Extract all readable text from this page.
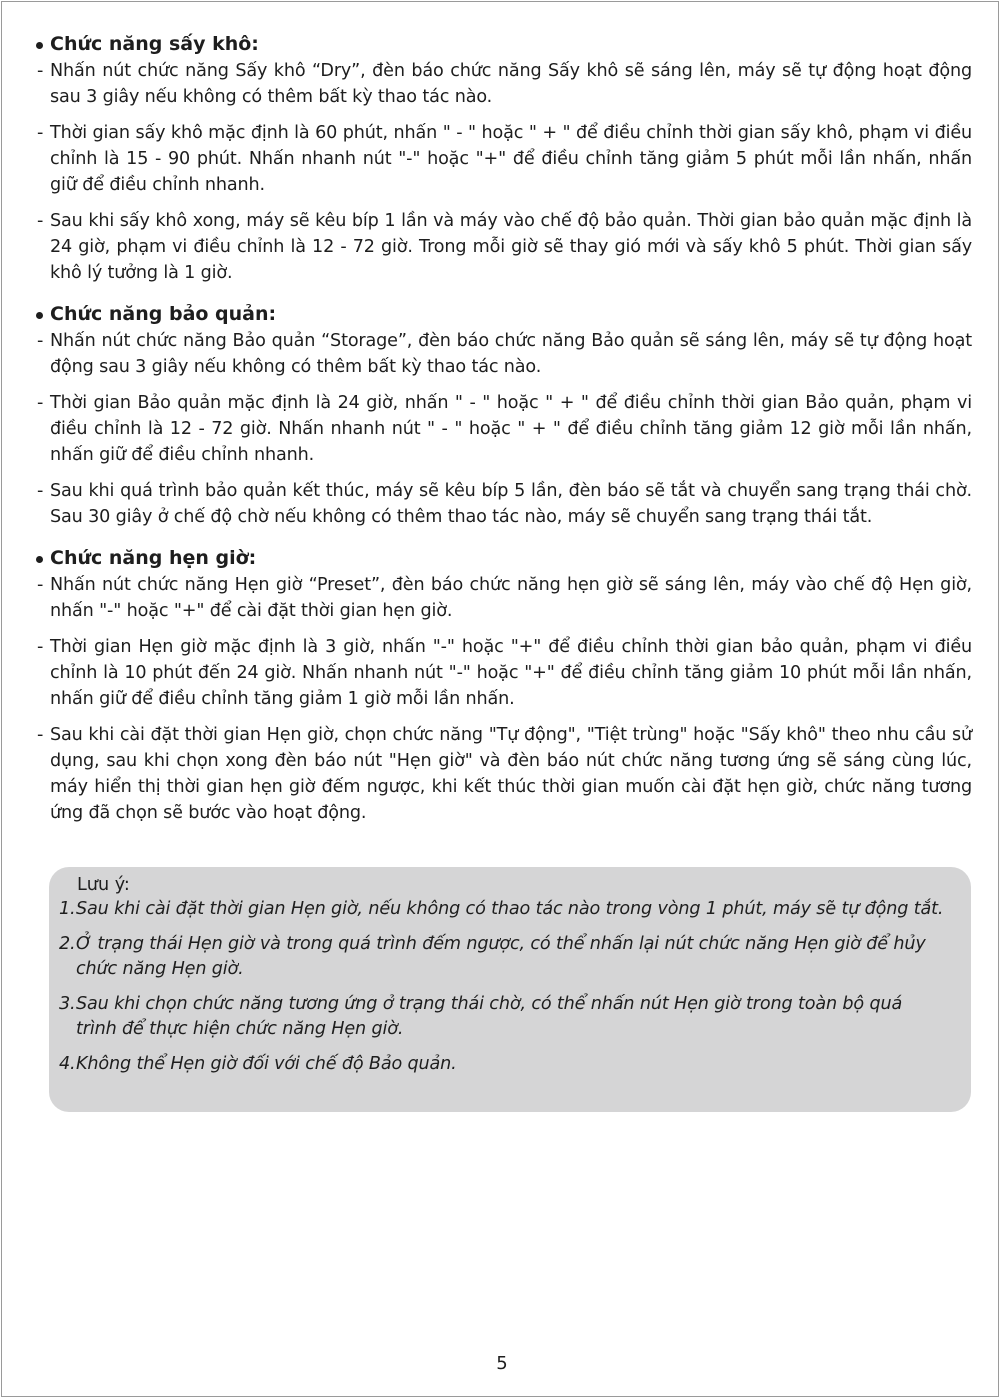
Chức năng sấy khô:
- Nhấn nút chức năng Sấy khô “Dry”, đèn báo chức năng Sấy khô sẽ sáng lên, máy sẽ tự động hoạt động sau 3 giây nếu không có thêm bất kỳ thao tác nào.
- Thời gian sấy khô mặc định là 60 phút, nhấn " - " hoặc " + " để điều chỉnh thời gian sấy khô, phạm vi điều chỉnh là 15 - 90 phút. Nhấn nhanh nút "-" hoặc "+" để điều chỉnh tăng giảm 5 phút mỗi lần nhấn, nhấn giữ để điều chỉnh nhanh.
- Sau khi sấy khô xong, máy sẽ kêu bíp 1 lần và máy vào chế độ bảo quản. Thời gian bảo quản mặc định là 24 giờ, phạm vi điều chỉnh là 12 - 72 giờ. Trong mỗi giờ sẽ thay gió mới và sấy khô 5 phút. Thời gian sấy khô lý tưởng là 1 giờ.
Chức năng bảo quản:
- Nhấn nút chức năng Bảo quản “Storage”, đèn báo chức năng Bảo quản sẽ sáng lên, máy sẽ tự động hoạt động sau 3 giây nếu không có thêm bất kỳ thao tác nào.
- Thời gian Bảo quản mặc định là 24 giờ, nhấn " - " hoặc " + " để điều chỉnh thời gian Bảo quản, phạm vi điều chỉnh là 12 - 72 giờ. Nhấn nhanh nút " - " hoặc " + " để điều chỉnh tăng giảm 12 giờ mỗi lần nhấn, nhấn giữ để điều chỉnh nhanh.
- Sau khi quá trình bảo quản kết thúc, máy sẽ kêu bíp 5 lần, đèn báo sẽ tắt và chuyển sang trạng thái chờ. Sau 30 giây ở chế độ chờ nếu không có thêm thao tác nào, máy sẽ chuyển sang trạng thái tắt.
Chức năng hẹn giờ:
- Nhấn nút chức năng Hẹn giờ “Preset”, đèn báo chức năng hẹn giờ sẽ sáng lên, máy vào chế độ Hẹn giờ, nhấn "-" hoặc "+" để cài đặt thời gian hẹn giờ.
- Thời gian Hẹn giờ mặc định là 3 giờ, nhấn "-" hoặc "+" để điều chỉnh thời gian bảo quản, phạm vi điều chỉnh là 10 phút đến 24 giờ. Nhấn nhanh nút "-" hoặc "+" để điều chỉnh tăng giảm 10 phút mỗi lần nhấn, nhấn giữ để điều chỉnh tăng giảm 1 giờ mỗi lần nhấn.
- Sau khi cài đặt thời gian Hẹn giờ, chọn chức năng "Tự động", "Tiệt trùng" hoặc "Sấy khô" theo nhu cầu sử dụng, sau khi chọn xong đèn báo nút "Hẹn giờ" và đèn báo nút chức năng tương ứng sẽ sáng cùng lúc, máy hiển thị thời gian hẹn giờ đếm ngược, khi kết thúc thời gian muốn cài đặt hẹn giờ, chức năng tương ứng đã chọn sẽ bước vào hoạt động.
Lưu ý:
1. Sau khi cài đặt thời gian Hẹn giờ, nếu không có thao tác nào trong vòng 1 phút, máy sẽ tự động tắt.
2. Ở trạng thái Hẹn giờ và trong quá trình đếm ngược, có thể nhấn lại nút chức năng Hẹn giờ để hủy chức năng Hẹn giờ.
3. Sau khi chọn chức năng tương ứng ở trạng thái chờ, có thể nhấn nút Hẹn giờ trong toàn bộ quá trình để thực hiện chức năng Hẹn giờ.
4. Không thể Hẹn giờ đối với chế độ Bảo quản.
5
